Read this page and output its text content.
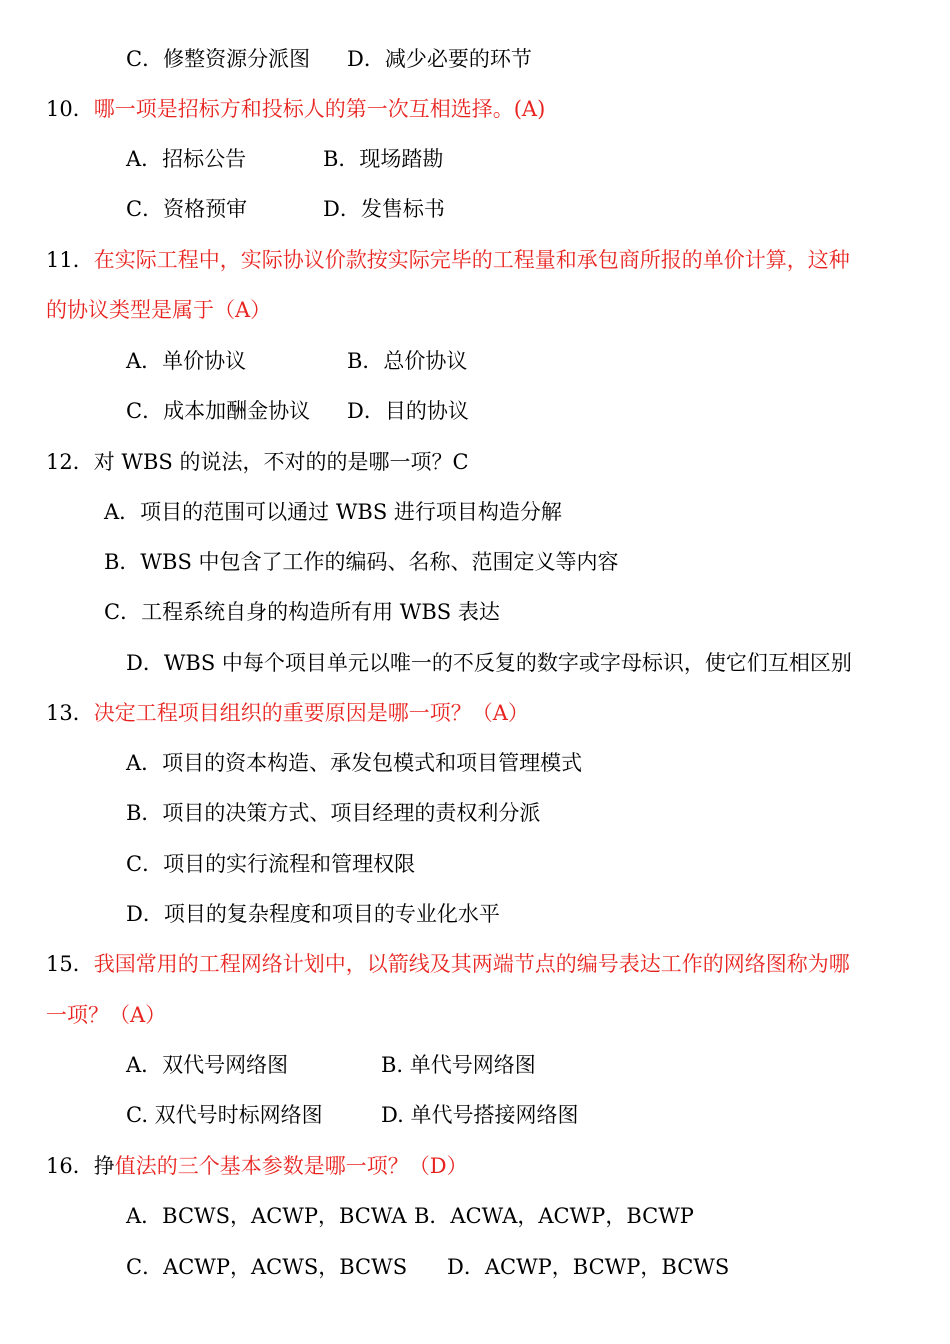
C．修整资源分派图 D．减少必要的环节
10．哪一项是招标方和投标人的第一次互相选择。(A)
A．招标公告	B．现场踏勘
C．资格预审	D．发售标书
11．在实际工程中，实际协议价款按实际完毕的工程量和承包商所报的单价计算，这种
的协议类型是属于（A）
A．单价协议	B．总价协议
C．成本加酬金协议 D．目的协议
12．对 WBS 的说法，不对的的是哪一项？C
A．项目的范围可以通过 WBS 进行项目构造分解
B．WBS 中包含了工作的编码、名称、范围定义等内容
C．工程系统自身的构造所有用 WBS 表达
D．WBS 中每个项目单元以唯一的不反复的数字或字母标识，使它们互相区别
13．决定工程项目组织的重要原因是哪一项？（A）
A．项目的资本构造、承发包模式和项目管理模式
B．项目的决策方式、项目经理的责权利分派
C．项目的实行流程和管理权限
D．项目的复杂程度和项目的专业化水平
15．我国常用的工程网络计划中，以箭线及其两端节点的编号表达工作的网络图称为哪
一项？（A）
A．双代号网络图	B. 单代号网络图
C. 双代号时标网络图	D. 单代号搭接网络图
16．挣值法的三个基本参数是哪一项？（D）
A．BCWS，ACWP，BCWA B．ACWA，ACWP，BCWP
C．ACWP，ACWS，BCWS D．ACWP，BCWP，BCWS
